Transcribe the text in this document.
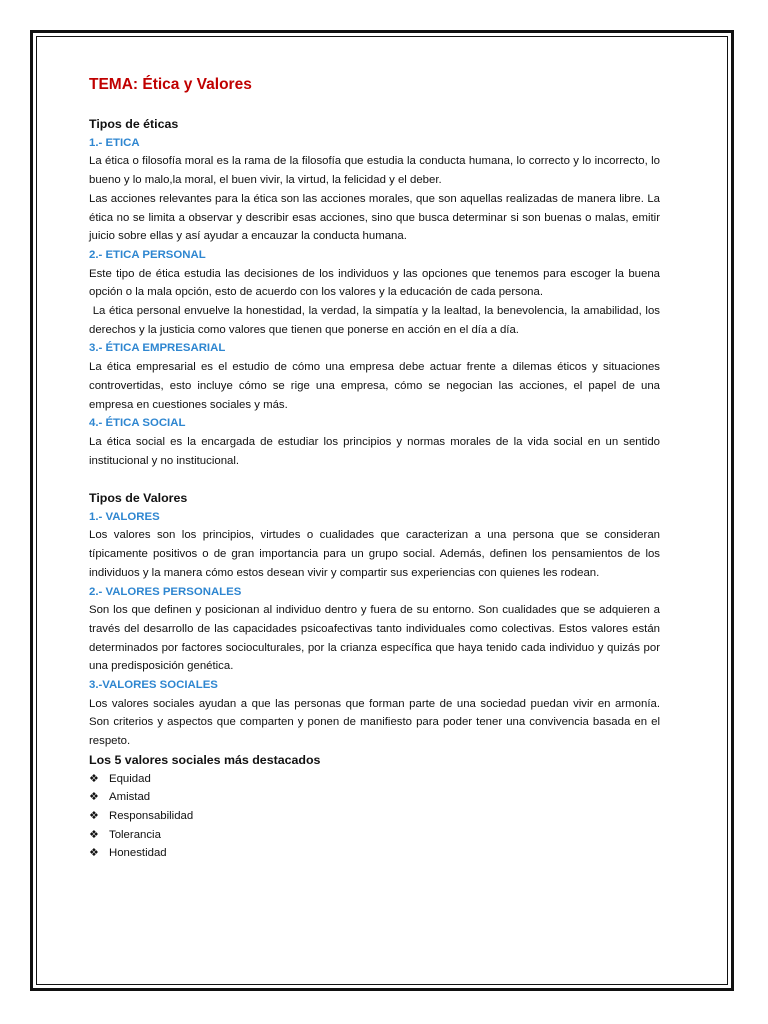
TEMA: Ética y Valores

Tipos de éticas

1.- ETICA

La ética o filosofía moral es la rama de la filosofía que estudia la conducta humana, lo correcto y lo incorrecto, lo bueno y lo malo,la moral, el buen vivir, la virtud, la felicidad y el deber.

Las acciones relevantes para la ética son las acciones morales, que son aquellas realizadas de manera libre. La ética no se limita a observar y describir esas acciones, sino que busca determinar si son buenas o malas, emitir juicio sobre ellas y así ayudar a encauzar la conducta humana.

2.- ETICA PERSONAL

Este tipo de ética estudia las decisiones de los individuos y las opciones que tenemos para escoger la buena opción o la mala opción, esto de acuerdo con los valores y la educación de cada persona.

La ética personal envuelve la honestidad, la verdad, la simpatía y la lealtad, la benevolencia, la amabilidad, los derechos y la justicia como valores que tienen que ponerse en acción en el día a día.

3.- ÉTICA EMPRESARIAL

La ética empresarial es el estudio de cómo una empresa debe actuar frente a dilemas éticos y situaciones controvertidas, esto incluye cómo se rige una empresa, cómo se negocian las acciones, el papel de una empresa en cuestiones sociales y más.

4.- ÉTICA SOCIAL

La ética social es la encargada de estudiar los principios y normas morales de la vida social en un sentido institucional y no institucional.

Tipos de Valores

1.- VALORES

Los valores son los principios, virtudes o cualidades que caracterizan a una persona que se consideran típicamente positivos o de gran importancia para un grupo social. Además, definen los pensamientos de los individuos y la manera cómo estos desean vivir y compartir sus experiencias con quienes les rodean.

2.- VALORES PERSONALES

Son los que definen y posicionan al individuo dentro y fuera de su entorno. Son cualidades que se adquieren a través del desarrollo de las capacidades psicoafectivas tanto individuales como colectivas. Estos valores están determinados por factores socioculturales, por la crianza específica que haya tenido cada individuo y quizás por una predisposición genética.

3.-VALORES SOCIALES

Los valores sociales ayudan a que las personas que forman parte de una sociedad puedan vivir en armonía. Son criterios y aspectos que comparten y ponen de manifiesto para poder tener una convivencia basada en el respeto.

Los 5 valores sociales más destacados

❖ Equidad
❖ Amistad
❖ Responsabilidad
❖ Tolerancia
❖ Honestidad
